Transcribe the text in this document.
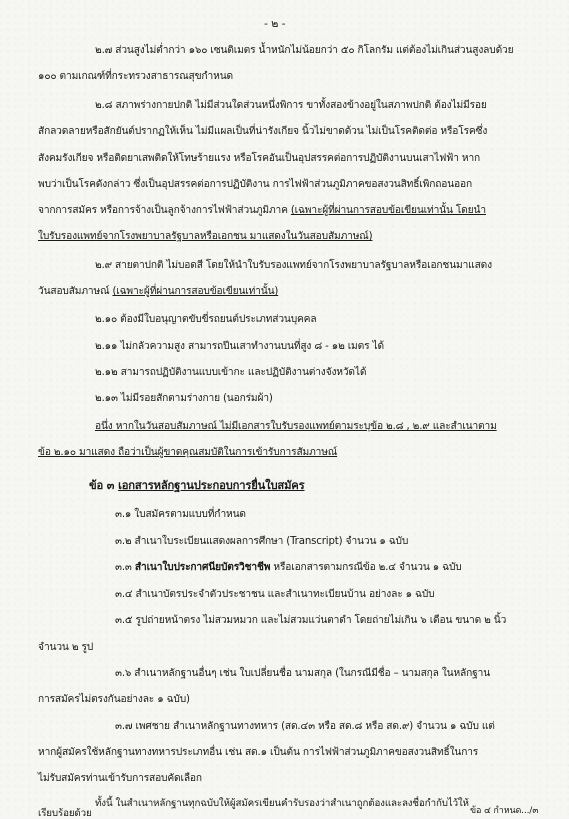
- ๒ -
๒.๗ ส่วนสูงไม่ต่ำกว่า ๑๖๐ เซนติเมตร น้ำหนักไม่น้อยกว่า ๕๐ กิโลกรัม แต่ต้องไม่เกินส่วนสูงลบด้วย
๑๐๐ ตามเกณฑ์ที่กระทรวงสาธารณสุขกำหนด
๒.๘ สภาพร่างกายปกติ ไม่มีส่วนใดส่วนหนึ่งพิการ ขาทั้งสองข้างอยู่ในสภาพปกติ ต้องไม่มีรอย
สักลวดลายหรือสักยันต์ปรากฏให้เห็น ไม่มีแผลเป็นที่น่ารังเกียจ นิ้วไม่ขาดด้วน ไม่เป็นโรคติดต่อ หรือโรคซึ่ง
สังคมรังเกียจ หรือติดยาเสพติดให้โทษร้ายแรง หรือโรคอันเป็นอุปสรรคต่อการปฏิบัติงานบนเสาไฟฟ้า หาก
พบว่าเป็นโรคดังกล่าว ซึ่งเป็นอุปสรรคต่อการปฏิบัติงาน การไฟฟ้าส่วนภูมิภาคขอสงวนสิทธิ์เพิกถอนออก
จากการสมัคร หรือการจ้างเป็นลูกจ้างการไฟฟ้าส่วนภูมิภาค (เฉพาะผู้ที่ผ่านการสอบข้อเขียนเท่านั้น โดยนำ
ใบรับรองแพทย์จากโรงพยาบาลรัฐบาลหรือเอกชน มาแสดงในวันสอบสัมภาษณ์)
๒.๙ สายตาปกติ ไม่บอดสี โดยให้นำใบรับรองแพทย์จากโรงพยาบาลรัฐบาลหรือเอกชนมาแสดง
วันสอบสัมภาษณ์ (เฉพาะผู้ที่ผ่านการสอบข้อเขียนเท่านั้น)
๒.๑๐ ต้องมีใบอนุญาตขับขี่รถยนต์ประเภทส่วนบุคคล
๒.๑๑ ไม่กลัวความสูง สามารถปีนเสาทำงานบนที่สูง ๘ - ๑๒ เมตร ได้
๒.๑๒ สามารถปฏิบัติงานแบบเข้ากะ และปฏิบัติงานต่างจังหวัดได้
๒.๑๓ ไม่มีรอยสักตามร่างกาย (นอกร่มผ้า)
อนึ่ง หากในวันสอบสัมภาษณ์ ไม่มีเอกสารใบรับรองแพทย์ตามระบุข้อ ๒.๘ , ๒.๙ และสำเนาตาม
ข้อ ๒.๑๐ มาแสดง ถือว่าเป็นผู้ขาดคุณสมบัติในการเข้ารับการสัมภาษณ์
ข้อ ๓ เอกสารหลักฐานประกอบการยื่นใบสมัคร
๓.๑ ใบสมัครตามแบบที่กำหนด
๓.๒ สำเนาใบระเบียนแสดงผลการศึกษา (Transcript) จำนวน ๑ ฉบับ
๓.๓ สำเนาใบประกาศนียบัตรวิชาชีพ หรือเอกสารตามกรณีข้อ ๒.๔ จำนวน ๑ ฉบับ
๓.๔ สำเนาบัตรประจำตัวประชาชน และสำเนาทะเบียนบ้าน อย่างละ ๑ ฉบับ
๓.๕ รูปถ่ายหน้าตรง ไม่สวมหมวก และไม่สวมแว่นตาดำ โดยถ่ายไม่เกิน ๖ เดือน ขนาด ๒ นิ้ว
จำนวน ๒ รูป
๓.๖ สำเนาหลักฐานอื่นๆ เช่น ใบเปลี่ยนชื่อ นามสกุล (ในกรณีมีชื่อ – นามสกุล ในหลักฐาน
การสมัครไม่ตรงกันอย่างละ ๑ ฉบับ)
๓.๗ เพศชาย สำเนาหลักฐานทางทหาร (สด.๔๓ หรือ สด.๘ หรือ สด.๙) จำนวน ๑ ฉบับ แต่
หากผู้สมัครใช้หลักฐานทางทหารประเภทอื่น เช่น สด.๑ เป็นต้น การไฟฟ้าส่วนภูมิภาคขอสงวนสิทธิ์ในการ
ไม่รับสมัครท่านเข้ารับการสอบคัดเลือก
ทั้งนี้ ในสำเนาหลักฐานทุกฉบับให้ผู้สมัครเขียนคำรับรองว่าสำเนาถูกต้องและลงชื่อกำกับไว้ให้
เรียบร้อยด้วย	ข้อ ๔ กำหนด.../๓
